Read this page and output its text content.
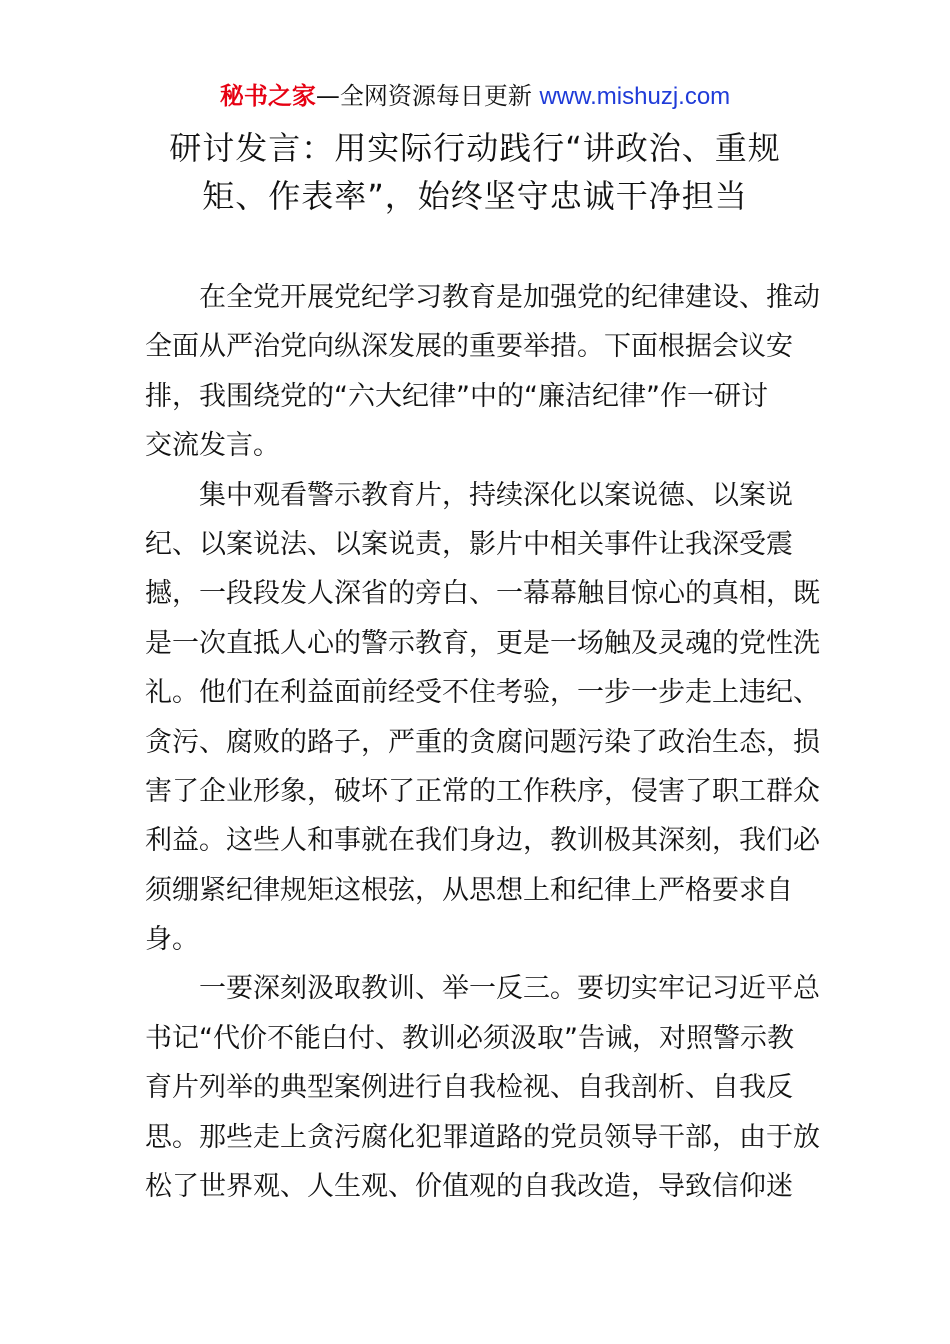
秘书之家—全网资源每日更新 www.mishuzj.com
研讨发言：用实际行动践行“讲政治、重规
矩、作表率”，始终坚守忠诚干净担当
在全党开展党纪学习教育是加强党的纪律建设、推动
全面从严治党向纵深发展的重要举措。下面根据会议安
排，我围绕党的“六大纪律”中的“廉洁纪律”作一研讨
交流发言。
集中观看警示教育片，持续深化以案说德、以案说
纪、以案说法、以案说责，影片中相关事件让我深受震
撼，一段段发人深省的旁白、一幕幕触目惊心的真相，既
是一次直抵人心的警示教育，更是一场触及灵魂的党性洗
礼。他们在利益面前经受不住考验，一步一步走上违纪、
贪污、腐败的路子，严重的贪腐问题污染了政治生态，损
害了企业形象，破坏了正常的工作秩序，侵害了职工群众
利益。这些人和事就在我们身边，教训极其深刻，我们必
须绷紧纪律规矩这根弦，从思想上和纪律上严格要求自
身。
一要深刻汲取教训、举一反三。要切实牢记习近平总
书记“代价不能白付、教训必须汲取”告诫，对照警示教
育片列举的典型案例进行自我检视、自我剖析、自我反
思。那些走上贪污腐化犯罪道路的党员领导干部，由于放
松了世界观、人生观、价值观的自我改造，导致信仰迷
